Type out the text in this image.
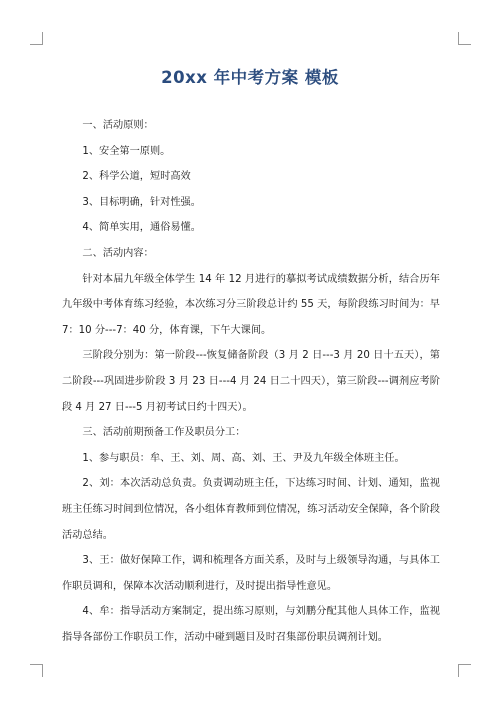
20xx 年中考方案 模板

一、活动原则：

1、安全第一原则。

2、科学公道，短时高效

3、目标明确，针对性强。

4、简单实用，通俗易懂。

二、活动内容：

针对本届九年级全体学生 14 年 12 月进行的摹拟考试成绩数据分析，结合历年九年级中考体育练习经验，本次练习分三阶段总计约 55 天，每阶段练习时间为：早 7：10 分---7：40 分，体育课，下午大课间。

三阶段分别为：第一阶段---恢复储备阶段（3 月 2 日---3 月 20 日十五天），第二阶段---巩固进步阶段 3 月 23 日---4 月 24 日二十四天），第三阶段---调剂应考阶段 4 月 27 日---5 月初考试日约十四天）。

三、活动前期预备工作及职员分工：

1、参与职员：牟、王、刘、周、高、刘、王、尹及九年级全体班主任。

2、刘：本次活动总负责。负责调动班主任，下达练习时间、计划、通知，监视班主任练习时间到位情况，各小组体育教师到位情况，练习活动安全保障，各个阶段活动总结。

3、王：做好保障工作，调和梳理各方面关系，及时与上级领导沟通，与具体工作职员调和，保障本次活动顺利进行，及时提出指导性意见。

4、牟：指导活动方案制定，提出练习原则，与刘鹏分配其他人具体工作，监视指导各部份工作职员工作，活动中碰到题目及时召集部份职员调剂计划。
